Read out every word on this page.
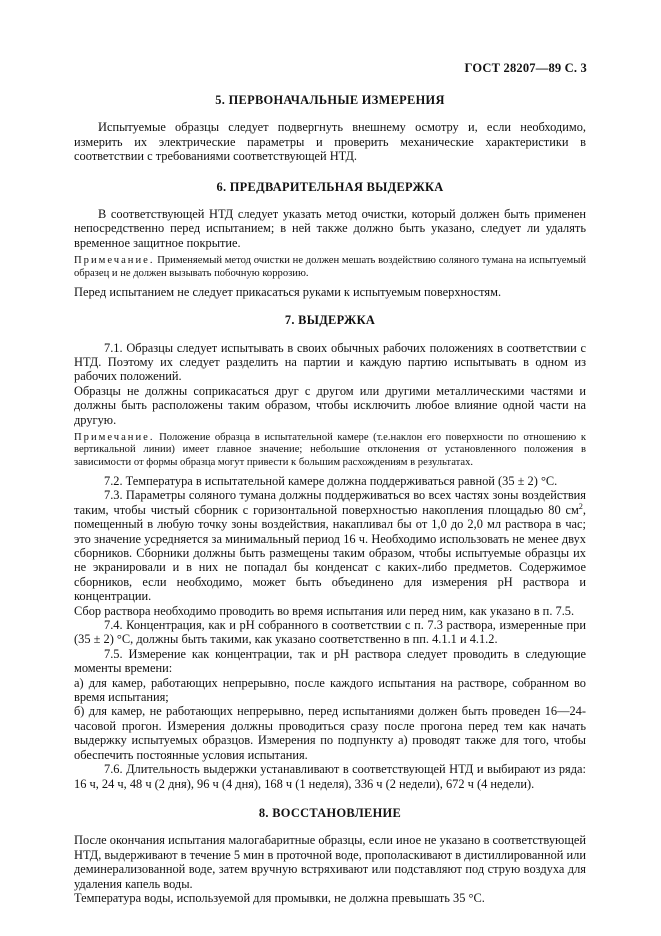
ГОСТ 28207—89 С. 3
5. ПЕРВОНАЧАЛЬНЫЕ ИЗМЕРЕНИЯ

Испытуемые образцы следует подвергнуть внешнему осмотру и, если необходимо, измерить их электрические параметры и проверить механические характеристики в соответствии с требованиями соответствующей НТД.

6. ПРЕДВАРИТЕЛЬНАЯ ВЫДЕРЖКА

В соответствующей НТД следует указать метод очистки, который должен быть применен непосредственно перед испытанием; в ней также должно быть указано, следует ли удалять временное защитное покрытие.

Примечание. Применяемый метод очистки не должен мешать воздействию соляного тумана на испытуемый образец и не должен вызывать побочную коррозию.

Перед испытанием не следует прикасаться руками к испытуемым поверхностям.

7. ВЫДЕРЖКА

7.1. Образцы следует испытывать в своих обычных рабочих положениях в соответствии с НТД. Поэтому их следует разделить на партии и каждую партию испытывать в одном из рабочих положений.

Образцы не должны соприкасаться друг с другом или другими металлическими частями и должны быть расположены таким образом, чтобы исключить любое влияние одной части на другую.

Примечание. Положение образца в испытательной камере (т.е.наклон его поверхности по отношению к вертикальной линии) имеет главное значение; небольшие отклонения от установленного положения в зависимости от формы образца могут привести к большим расхождениям в результатах.

7.2. Температура в испытательной камере должна поддерживаться равной (35 ± 2) °С.

7.3. Параметры соляного тумана должны поддерживаться во всех частях зоны воздействия таким, чтобы чистый сборник с горизонтальной поверхностью накопления площадью 80 $см^2$, помещенный в любую точку зоны воздействия, накапливал бы от 1,0 до 2,0 мл раствора в час; это значение усредняется за минимальный период 16 ч. Необходимо использовать не менее двух сборников. Сборники должны быть размещены таким образом, чтобы испытуемые образцы их не экранировали и в них не попадал бы конденсат с каких-либо предметов. Содержимое сборников, если необходимо, может быть объединено для измерения рН раствора и концентрации.

Сбор раствора необходимо проводить во время испытания или перед ним, как указано в п. 7.5.

7.4. Концентрация, как и рН собранного в соответствии с п. 7.3 раствора, измеренные при (35 ± 2) °С, должны быть такими, как указано соответственно в пп. 4.1.1 и 4.1.2.

7.5. Измерение как концентрации, так и рН раствора следует проводить в следующие моменты времени:

а) для камер, работающих непрерывно, после каждого испытания на растворе, собранном во время испытания;

б) для камер, не работающих непрерывно, перед испытаниями должен быть проведен 16—24-часовой прогон. Измерения должны проводиться сразу после прогона перед тем как начать выдержку испытуемых образцов. Измерения по подпункту а) проводят также для того, чтобы обеспечить постоянные условия испытания.

7.6. Длительность выдержки устанавливают в соответствующей НТД и выбирают из ряда: 16 ч, 24 ч, 48 ч (2 дня), 96 ч (4 дня), 168 ч (1 неделя), 336 ч (2 недели), 672 ч (4 недели).

8. ВОССТАНОВЛЕНИЕ

После окончания испытания малогабаритные образцы, если иное не указано в соответствующей НТД, выдерживают в течение 5 мин в проточной воде, прополаскивают в дистиллированной или деминерализованной воде, затем вручную встряхивают или подставляют под струю воздуха для удаления капель воды.

Температура воды, используемой для промывки, не должна превышать 35 °С.
